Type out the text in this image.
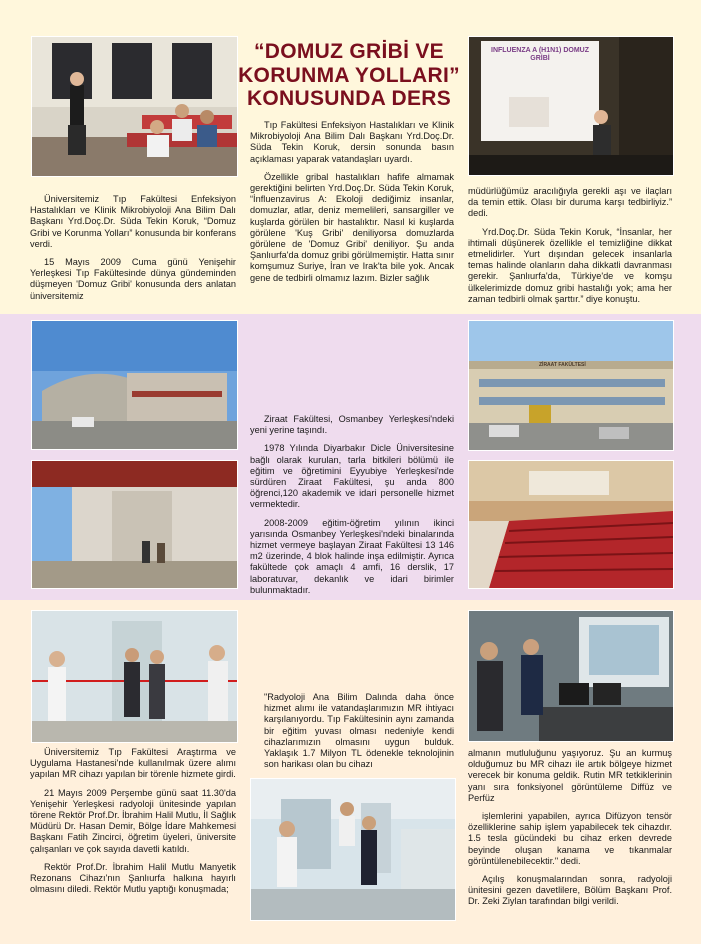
“DOMUZ GRİBİ VE KORUNMA YOLLARI” KONUSUNDA DERS
INFLUENZA A (H1N1) DOMUZ GRİBİ

Tıp Fakültesi Enfeksiyon Hastalıkları ve Klinik Mikrobiyoloji Ana Bilim Dalı Başkanı Yrd.Doç.Dr. Süda Tekin Koruk, dersin sonunda basın açıklaması yaparak vatandaşları uyardı.

Özellikle gribal hastalıkları hafife almamak gerektiğini belirten Yrd.Doç.Dr. Süda Tekin Koruk, “İnfluenzavirus A: Ekoloji dediğimiz insanlar, domuzlar, atlar, deniz memelileri, sansargiller ve kuşlarda görülen bir hastalıktır. Nasıl ki kuşlarda görülene 'Kuş Gribi' deniliyorsa domuzlarda görülene de 'Domuz Gribi' deniliyor. Şu anda Şanlıurfa'da domuz gribi görülmemiştir. Hatta sınır komşumuz Suriye, İran ve Irak'ta bile yok. Ancak gene de tedbirli olmamız lazım. Bizler sağlık

Üniversitemiz Tıp Fakültesi Enfeksiyon Hastalıkları ve Klinik Mikrobiyoloji Ana Bilim Dalı Başkanı Yrd.Doç.Dr. Süda Tekin Koruk, “Domuz Gribi ve Korunma Yolları” konusunda bir konferans verdi.

15 Mayıs 2009 Cuma günü Yenişehir Yerleşkesi Tıp Fakültesinde dünya gündeminden düşmeyen 'Domuz Gribi' konusunda ders anlatan üniversitemiz

müdürlüğümüz aracılığıyla gerekli aşı ve ilaçları da temin ettik. Olası bir duruma karşı tedbirliyiz.” dedi.

Yrd.Doç.Dr. Süda Tekin Koruk, “İnsanlar, her ihtimali düşünerek özellikle el temizliğine dikkat etmelidirler. Yurt dışından gelecek insanlarla temas halinde olanların daha dikkatli davranması gerekir. Şanlıurfa'da, Türkiye'de ve komşu ülkelerimizde domuz gribi hastalığı yok; ama her zaman tedbirli olmak şarttır.” diye konuştu.

ZİRAAT FAKÜLTESİ

Ziraat Fakültesi, Osmanbey Yerleşkesi'ndeki yeni yerine taşındı.

1978 Yılında Diyarbakır Dicle Üniversitesine bağlı olarak kurulan, tarla bitkileri bölümü ile eğitim ve öğretimini Eyyubiye Yerleşkesi'nde sürdüren Ziraat Fakültesi, şu anda 800 öğrenci,120 akademik ve idari personelle hizmet vermektedir.

2008-2009 eğitim-öğretim yılının ikinci yarısında Osmanbey Yerleşkesi'ndeki binalarında hizmet vermeye başlayan Ziraat Fakültesi 13 146 m2 üzerinde, 4 blok halinde inşa edilmiştir. Ayrıca fakültede çok amaçlı 4 amfi, 16 derslik, 17 laboratuvar, dekanlık ve idari birimler bulunmaktadır.

"Radyoloji Ana Bilim Dalında daha önce hizmet alımı ile vatandaşlarımızın MR ihtiyacı karşılanıyordu. Tıp Fakültesinin aynı zamanda bir eğitim yuvası olması nedeniyle kendi cihazlarımızın olmasını uygun bulduk. Yaklaşık 1.7 Milyon TL ödenekle teknolojinin son harikası olan bu cihazı

Üniversitemiz Tıp Fakültesi Araştırma ve Uygulama Hastanesi'nde kullanılmak üzere alımı yapılan MR cihazı yapılan bir törenle hizmete girdi.

21 Mayıs 2009 Perşembe günü saat 11.30'da Yenişehir Yerleşkesi radyoloji ünitesinde yapılan törene Rektör Prof.Dr. İbrahim Halil Mutlu, İl Sağlık Müdürü Dr. Hasan Demir, Bölge İdare Mahkemesi Başkanı Fatih Zincirci, öğretim üyeleri, üniversite çalışanları ve çok sayıda davetli katıldı.

Rektör Prof.Dr. İbrahim Halil Mutlu Manyetik Rezonans Cihazı'nın Şanlıurfa halkına hayırlı olmasını diledi. Rektör Mutlu yaptığı konuşmada;

almanın mutluluğunu yaşıyoruz. Şu an kurmuş olduğumuz bu MR cihazı ile artık bölgeye hizmet verecek bir konuma geldik. Rutin MR tetkiklerinin yanı sıra fonksiyonel görüntüleme Diffüz ve Perfüz

işlemlerini yapabilen, ayrıca Difüzyon tensör özelliklerine sahip işlem yapabilecek tek cihazdır. 1.5 tesla gücündeki bu cihaz erken devrede beyinde oluşan kanama ve tıkanmalar görüntülenebilecektir." dedi.

Açılış konuşmalarından sonra, radyoloji ünitesini gezen davetlilere, Bölüm Başkanı Prof. Dr. Zeki Ziylan tarafından bilgi verildi.
